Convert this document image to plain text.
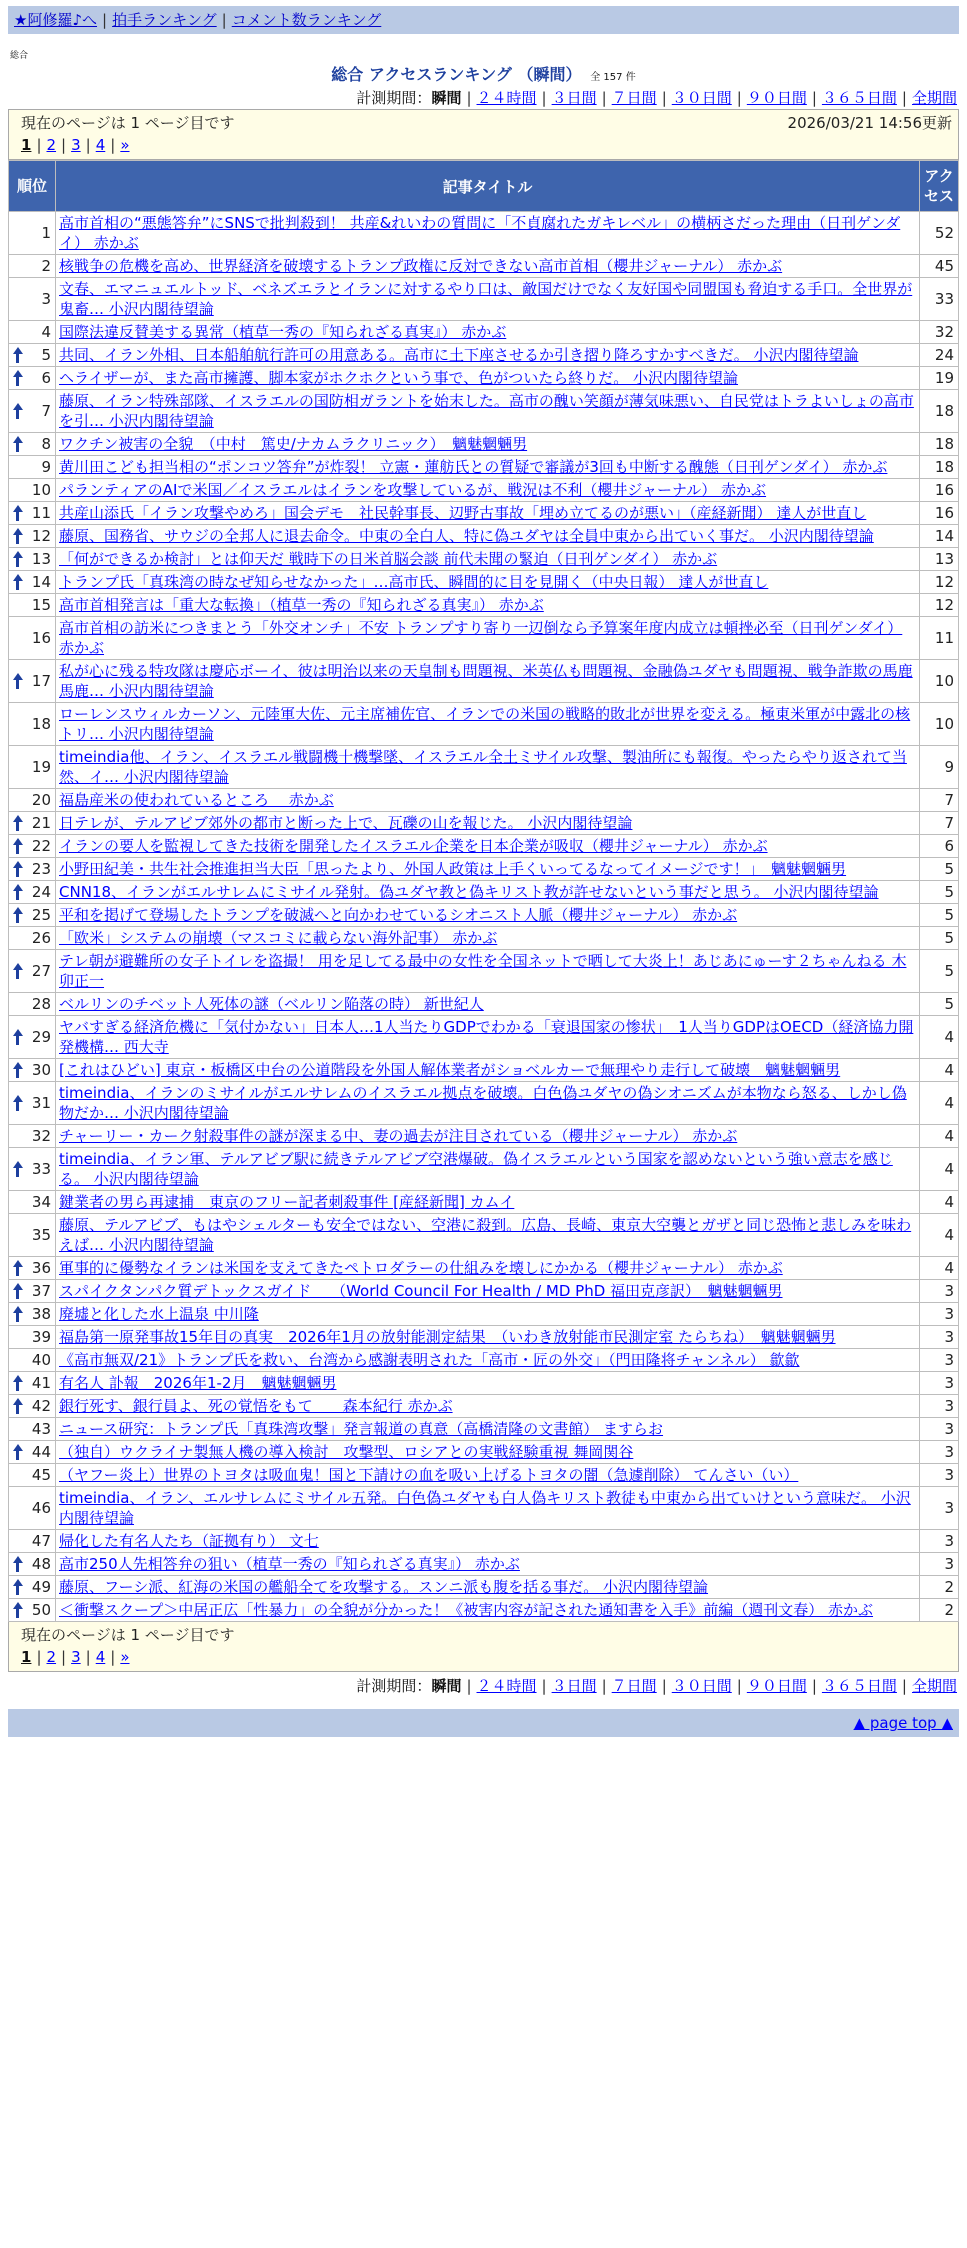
★阿修羅♪へ | 拍手ランキング | コメント数ランキング
総合
総合 アクセスランキング （瞬間） 全 157 件
計測期間：瞬間 | ２４時間 | ３日間 | ７日間 | ３０日間 | ９０日間 | ３６５日間 | 全期間
現在のページは 1 ページ目です	2026/03/21 14:56更新
1 | 2 | 3 | 4 | »
順位	記事タイトル	アクセス
1	高市首相の“悪態答弁”にSNSで批判殺到！ 共産&れいわの質問に「不貞腐れたガキレベル」の横柄さだった理由（日刊ゲンダイ） 赤かぶ	52
2	核戦争の危機を高め、世界経済を破壊するトランプ政権に反対できない高市首相（櫻井ジャーナル） 赤かぶ	45
3	文春、エマニュエルトッド、ベネズエラとイランに対するやり口は、敵国だけでなく友好国や同盟国も脅迫する手口。全世界が鬼畜… 小沢内閣待望論	33
4	国際法違反賛美する異常（植草一秀の『知られざる真実』） 赤かぶ	32

5	共同、イラン外相、日本船舶航行許可の用意ある。高市に土下座させるか引き摺り降ろすかすべきだ。 小沢内閣待望論	24

6	ヘライザーが、また高市擁護、脚本家がホクホクという事で、色がついたら終りだ。 小沢内閣待望論	19

7	藤原、イラン特殊部隊、イスラエルの国防相ガラントを始末した。高市の醜い笑顔が薄気味悪い、自民党はトラよいしょの高市を引… 小沢内閣待望論	18

8	ワクチン被害の全貌　（中村　篤史/ナカムラクリニック）　魑魅魍魎男	18
9	黄川田こども担当相の“ポンコツ答弁”が炸裂！ 立憲・蓮舫氏との質疑で審議が3回も中断する醜態（日刊ゲンダイ） 赤かぶ	18
10	パランティアのAIで米国／イスラエルはイランを攻撃しているが、戦況は不利（櫻井ジャーナル） 赤かぶ	16

11	共産山添氏「イラン攻撃やめろ」国会デモ　社民幹事長、辺野古事故「埋め立てるのが悪い」（産経新聞） 達人が世直し	16

12	藤原、国務省、サウジの全邦人に退去命令。中東の全白人、特に偽ユダヤは全員中東から出ていく事だ。 小沢内閣待望論	14

13	「何ができるか検討」とは仰天だ 戦時下の日米首脳会談 前代未聞の緊迫（日刊ゲンダイ） 赤かぶ	13

14	トランプ氏「真珠湾の時なぜ知らせなかった」…高市氏、瞬間的に目を見開く（中央日報） 達人が世直し	12
15	高市首相発言は「重大な転換」（植草一秀の『知られざる真実』） 赤かぶ	12
16	高市首相の訪米につきまとう「外交オンチ」不安 トランプすり寄り一辺倒なら予算案年度内成立は頓挫必至（日刊ゲンダイ） 赤かぶ	11

17	私が心に残る特攻隊は慶応ボーイ、彼は明治以来の天皇制も問題視、米英仏も問題視、金融偽ユダヤも問題視、戦争詐欺の馬鹿馬鹿… 小沢内閣待望論	10
18	ローレンスウィルカーソン、元陸軍大佐、元主席補佐官、イランでの米国の戦略的敗北が世界を変える。極東米軍が中露北の核トリ… 小沢内閣待望論	10
19	timeindia他、イラン、イスラエル戦闘機十機撃墜、イスラエル全土ミサイル攻撃、製油所にも報復。やったらやり返されて当然、イ… 小沢内閣待望論	9
20	福島産米の使われているところ　 赤かぶ	7

21	日テレが、テルアビブ郊外の都市と断った上で、瓦礫の山を報じた。 小沢内閣待望論	7

22	イランの要人を監視してきた技術を開発したイスラエル企業を日本企業が吸収（櫻井ジャーナル） 赤かぶ	6

23	小野田紀美・共生社会推進担当大臣「思ったより、外国人政策は上手くいってるなってイメージです！」　魑魅魍魎男	5

24	CNN18、イランがエルサレムにミサイル発射。偽ユダヤ教と偽キリスト教が許せないという事だと思う。 小沢内閣待望論	5

25	平和を掲げて登場したトランプを破滅へと向かわせているシオニスト人脈（櫻井ジャーナル） 赤かぶ	5
26	「欧米」システムの崩壊（マスコミに載らない海外記事） 赤かぶ	5

27	テレ朝が避難所の女子トイレを盗撮！ 用を足してる最中の女性を全国ネットで晒して大炎上！あじあにゅーす２ちゃんねる 木卯正一	5
28	ベルリンのチベット人死体の謎（ベルリン陥落の時） 新世紀人	5

29	ヤバすぎる経済危機に「気付かない」日本人…1人当たりGDPでわかる「衰退国家の惨状」　1人当りGDPはOECD（経済協力開発機構… 西大寺	4

30	[これはひどい] 東京・板橋区中台の公道階段を外国人解体業者がショベルカーで無理やり走行して破壊　魑魅魍魎男	4

31	timeindia、イランのミサイルがエルサレムのイスラエル拠点を破壊。白色偽ユダヤの偽シオニズムが本物なら怒る、しかし偽物だか… 小沢内閣待望論	4
32	チャーリー・カーク射殺事件の謎が深まる中、妻の過去が注目されている（櫻井ジャーナル） 赤かぶ	4

33	timeindia、イラン軍、テルアビブ駅に続きテルアビブ空港爆破。偽イスラエルという国家を認めないという強い意志を感じる。 小沢内閣待望論	4
34	鍵業者の男ら再逮捕　東京のフリー記者刺殺事件 [産経新聞] カムイ	4
35	藤原、テルアビブ、もはやシェルターも安全ではない、空港に殺到。広島、長崎、東京大空襲とガザと同じ恐怖と悲しみを味わえば… 小沢内閣待望論	4

36	軍事的に優勢なイランは米国を支えてきたペトロダラーの仕組みを壊しにかかる（櫻井ジャーナル） 赤かぶ	4

37	スパイクタンパク質デトックスガイド　 （World Council For Health / MD PhD 福田克彦訳）　魑魅魍魎男	3

38	廃墟と化した水上温泉 中川隆	3
39	福島第一原発事故15年目の真実　2026年1月の放射能測定結果　（いわき放射能市民測定室 たらちね）　魑魅魍魎男	3
40	《高市無双/21》トランプ氏を救い、台湾から感謝表明された「高市・匠の外交」（門田隆将チャンネル） 歙歙	3

41	有名人 訃報　2026年1-2月　魑魅魍魎男	3

42	銀行死す、銀行員よ、死の覚悟をもて　　森本紀行 赤かぶ	3
43	ニュース研究：トランプ氏「真珠湾攻撃」発言報道の真意（高橋清隆の文書館） ますらお	3

44	（独自）ウクライナ製無人機の導入検討　攻撃型、ロシアとの実戦経験重視 舞岡関谷	3
45	（ヤフー炎上）世界のトヨタは吸血鬼！国と下請けの血を吸い上げるトヨタの闇（急遽削除） てんさい（い）	3
46	timeindia、イラン、エルサレムにミサイル五発。白色偽ユダヤも白人偽キリスト教徒も中東から出ていけという意味だ。 小沢内閣待望論	3
47	帰化した有名人たち（証拠有り） 文七	3

48	高市250人先相答弁の狙い（植草一秀の『知られざる真実』） 赤かぶ	3

49	藤原、フーシ派、紅海の米国の艦船全てを攻撃する。スンニ派も腹を括る事だ。 小沢内閣待望論	2

50	＜衝撃スクープ＞中居正広「性暴力」の全貌が分かった！《被害内容が記された通知書を入手》前編（週刊文春） 赤かぶ	2
現在のページは 1 ページ目です
1 | 2 | 3 | 4 | »
計測期間：瞬間 | ２４時間 | ３日間 | ７日間 | ３０日間 | ９０日間 | ３６５日間 | 全期間
▲ page top ▲
